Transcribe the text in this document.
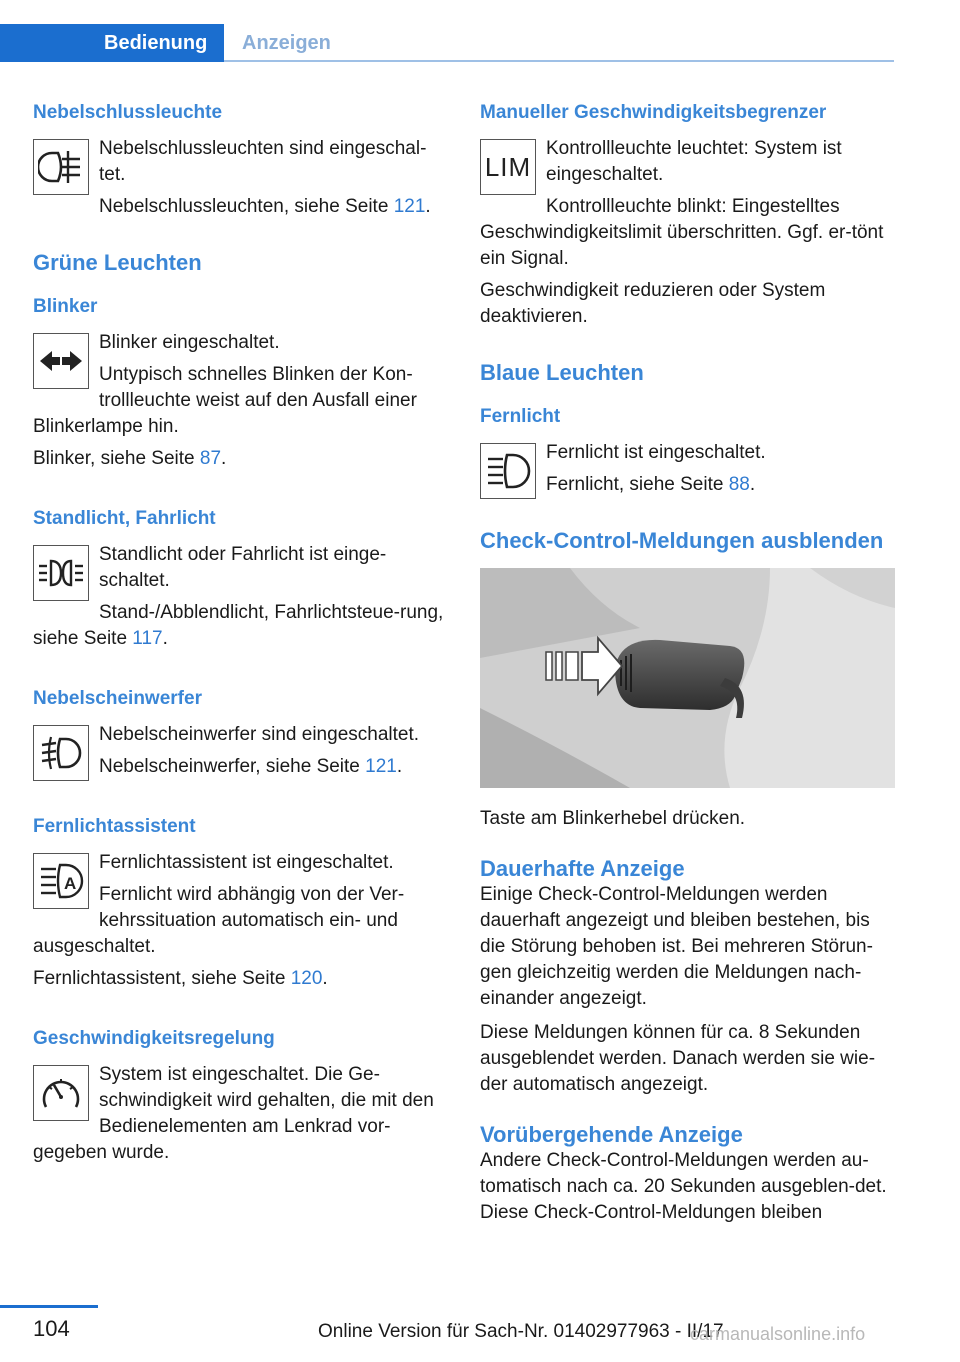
Bedienung	Anzeigen
Nebelschlussleuchte

Nebelschlussleuchten sind eingeschal‐tet.

Nebelschlussleuchten, siehe Seite 121.

Grüne Leuchten
Blinker

Blinker eingeschaltet.

Untypisch schnelles Blinken der Kon‐trollleuchte weist auf den Ausfall einer Blinkerlampe hin.

Blinker, siehe Seite 87.

Standlicht, Fahrlicht

Standlicht oder Fahrlicht ist einge‐schaltet.

Stand-/Abblendlicht, Fahrlichtsteue‐rung, siehe Seite 117.

Nebelscheinwerfer

Nebelscheinwerfer sind eingeschaltet.

Nebelscheinwerfer, siehe Seite 121.

Fernlichtassistent
A

Fernlichtassistent ist eingeschaltet.

Fernlicht wird abhängig von der Ver‐kehrssituation automatisch ein- und ausgeschaltet.

Fernlichtassistent, siehe Seite 120.

Geschwindigkeitsregelung

System ist eingeschaltet. Die Ge‐schwindigkeit wird gehalten, die mit den Bedienelementen am Lenkrad vor‐gegeben wurde.

Manueller Geschwindigkeitsbegrenzer
LIM

Kontrollleuchte leuchtet: System ist eingeschaltet.

Kontrollleuchte blinkt: Eingestelltes Geschwindigkeitslimit überschritten. Ggf. er‐tönt ein Signal.

Geschwindigkeit reduzieren oder System deaktivieren.

Blaue Leuchten
Fernlicht

Fernlicht ist eingeschaltet.

Fernlicht, siehe Seite 88.

Check-Control-Meldungen ausblenden

Taste am Blinkerhebel drücken.

Dauerhafte Anzeige

Einige Check-Control-Meldungen werden dauerhaft angezeigt und bleiben bestehen, bis die Störung behoben ist. Bei mehreren Störun‐gen gleichzeitig werden die Meldungen nach‐einander angezeigt.

Diese Meldungen können für ca. 8 Sekunden ausgeblendet werden. Danach werden sie wie‐der automatisch angezeigt.

Vorübergehende Anzeige

Andere Check-Control-Meldungen werden au‐tomatisch nach ca. 20 Sekunden ausgeblen‐det. Diese Check-Control-Meldungen bleiben

104	Online Version für Sach-Nr. 01402977963 - II/17
carmanualsonline.info
